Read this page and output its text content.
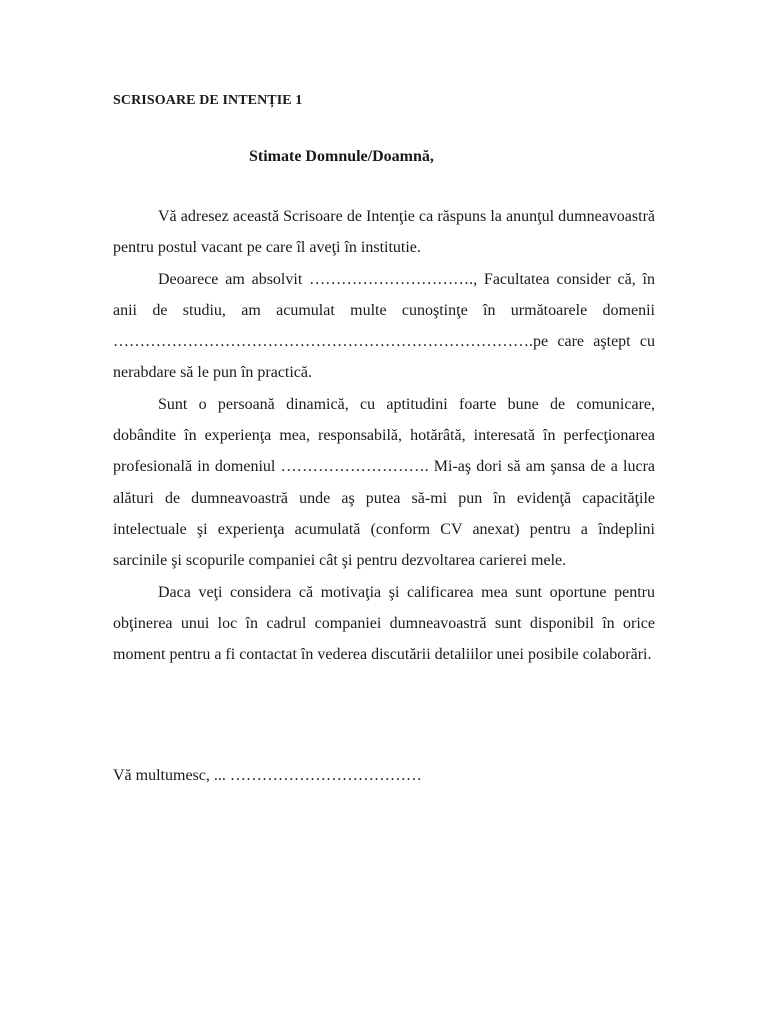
SCRISOARE DE INTENȚIE 1
Stimate Domnule/Doamnă,

Vă adresez această Scrisoare de Intenţie ca răspuns la anunţul dumneavoastră pentru postul vacant pe care îl aveţi în institutie.

Deoarece am absolvit …………………………., Facultatea consider că, în anii de studiu, am acumulat multe cunoştinţe în următoarele domenii …………………………………………………………………….pe care aştept cu nerabdare să le pun în practică.

Sunt o persoană dinamică, cu aptitudini foarte bune de comunicare, dobândite în experienţa mea, responsabilă, hotărâtă, interesată în perfecţionarea profesională in domeniul ………………………. Mi-aş dori să am şansa de a lucra alături de dumneavoastră unde aş putea să-mi pun în evidenţă capacităţile intelectuale şi experienţa acumulată (conform CV anexat) pentru a îndeplini sarcinile şi scopurile companiei cât şi pentru dezvoltarea carierei mele.

Daca veţi considera că motivaţia şi calificarea mea sunt oportune pentru obţinerea unui loc în cadrul companiei dumneavoastră sunt disponibil în orice moment pentru a fi contactat în vederea discutării detaliilor unei posibile colaborări.

Vă multumesc, ... ………………………………
